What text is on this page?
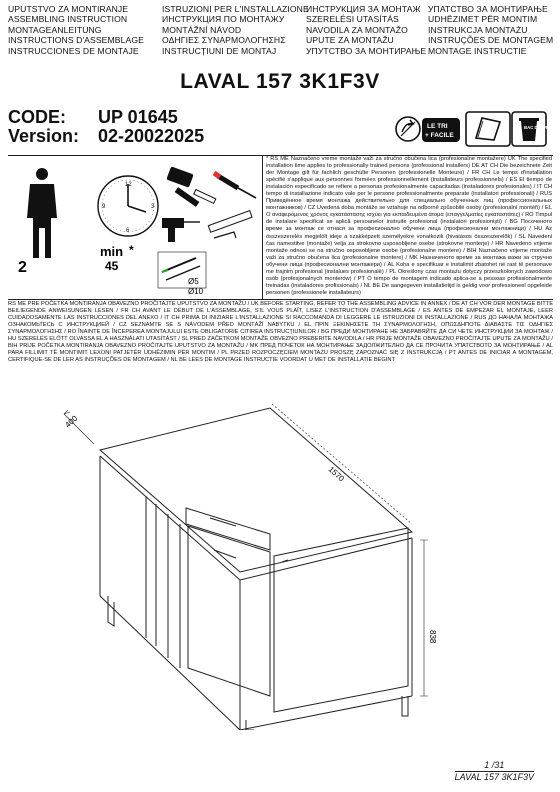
UPUTSTVO ZA MONTIRANJE
ASSEMBLING INSTRUCTION
MONTAGEANLEITUNG
INSTRUCTIONS D'ASSEMBLAGE
INSTRUCCIONES DE MONTAJE
ISTRUZIONI PER L'INSTALLAZIONE
ИНСТРУКЦИЯ ПО МОНТАЖУ
MONTÁŽNÍ NÁVOD
ΟΔΗΓΙΕΣ ΣΥΝΑΡΜΟΛΟΓΗΣΗΣ
INSTRUCȚIUNI DE MONTAJ
ИНСТРУКЦИЯ ЗА МОНТАЖ
SZERELÉSI UTASÍTÁS
NAVODILA ZA MONTAŽO
UPUTE ZA MONTAŽU
УПУТСТВО ЗА МОНТИРАЊЕ
УПАТСТВО ЗА МОНТИРАЊЕ
UDHËZIMET PËR MONTIM
INSTRUKCJA MONTAŻU
INSTRUÇÕES DE MONTAGEM
MONTAGE INSTRUCTIE
LAVAL 157 3K1F3V
CODE:	UP 01645
Version:	02-20022025	LE TRI
+ FACILE
BAC DE TRI
2
12
3
6
9
min *
45
Ø5
Ø10
* RS ME Naznačeno vreme montaže važi za stručno obučena lica (profesionalne montažere) UK The specified installation time applies to professionally trained persons (professional installers) DE AT CH Die bezeichnete Zeit der Montage gilt für fachlich geschulte Personen (professionelle Monteure) / FR CH Le temps d'installation spécifié s'applique aux personnes formées professionnellement (installateurs professionnels) / ES El tiempo de instalación especificado se refiere a personas profesionalmente capacitadas (instaladores profesionales) / IT CH tempo di installazione indicato vale per le persone professionalmente preparate (installatori professionali) / RUS Приведённое время монтажа действительно для специально обученных лиц (профессиональных монтажников) / CZ Uvedená doba montáže se vztahuje na odborně způsobilé osoby (profesionální montéři) / EL Ο αναφερόμενος χρόνος εγκατάστασης ισχύει για εκπαιδευμένα άτομα (επαγγελματίες εγκαταστάτες) / RO Timpul de instalare specificat se aplică persoanelor instruite profesional (instalatori profesioniști) / BG Посоченото време за монтаж се отнася за професионално обучени лица (професионални монтажници) / HU Az összeszerelés megjelölt ideje a szakképzett személyekre vonatkozik (hivatásos összeszerelők) / SL Navedeni čas namestitve (montaže) velja za strokovno usposobljene osebe (strokovne monterje) / HR Navedeno vrijeme montaže odnosi se na stručno osposobljene osobe (profesionalne montere) / BIH Naznačeno vrijeme montaže važi za stručno obučena lica (profesionalne montere) / MK Назначеното време за монтажа важи за стручно обучени лица (професионални монтажери) / AL Koha e specifikuar e instalimit zbatohet në rast të personave me trajnim profesional (instalues profesionalë) / PL Określony czas montażu dotyczy przeszkolonych zawodowo osób (profesjonalnych monterów) / PT O tempo de montagem indicado aplica-se a pessoas profissionalmente treinadas (instaladores profissionais) / NL BE De aangegeven installatietijd is geldig voor professioneel opgeleide personen (professionele installateurs)
RS ME PRE POČETKA MONTIRANJA OBAVEZNO PROČITAJTE UPUTSTVO ZA MONTAŽU / UK BEFORE STARTING, REFER TO THE ASSEMBLING ADVICE IN ANNEX / DE AT CH VOR DER MONTAGE BITTE BEILIEGENDE ANWEISUNGEN LESEN / FR CH AVANT LE DÉBUT DE L'ASSEMBLAGE, S'IL VOUS PLAÎT, LISEZ L'INSTRUCTION D'ASSEMBLAGE / ES ANTES DE EMPEZAR EL MONTAJE, LEER CUIDADOSAMENTE LAS INSTRUCCIONES DEL ANEXO / IT CH PRIMA DI INIZIARE L'INSTALLAZIONE SI RACCOMANDA DI LEGGERE LE ISTRUZIONI DI INSTALLAZIONE / RUS ДО НАЧАЛА МОНТАЖА ОЗНАКОМЬТЕСЬ С ИНСТРУКЦИЕЙ / CZ SEZNAMTE SE S NÁVODEM PŘED MONTÁŽÍ NÁBYTKU / EL ΠΡΙΝ ΞΕΚΙΝΗΣΕΤΕ ΤΗ ΣΥΝΑΡΜΟΛΟΓΗΣΗ, ΟΠΩΣΔΗΠΟΤΕ ΔΙΑΒΑΣΤΕ ΤΙΣ ΟΔΗΓΙΕΣ ΣΥΝΑΡΜΟΛΟΓΗΣΗΣ / RO ÎNAINTE DE ÎNCEPEREA MONTAJULUI ESTE OBLIGATORIE CITIREA INSTRUCȚIUNILOR / BG ПРЕДИ МОНТИРАНЕ НЕ ЗАБРАВЯЙТЕ ДА СИ ЧЕТЕ ИНСТРУКЦИИ ЗА МОНТАЖ / HU SZERELÉS ELŐTT OLVASSA EL A HASZNÁLATI UTASÍTÁST / SL PRED ZAČETKOM MONTAŽE OBVEZNO PREBERITE NAVODILA / HR PRIJE MONTAŽE OBAVEZNO PROČITAJTE UPUTE ZA MONTAŽU / BIH PRIJE POČETKA MONTIRANJA OBAVEZNO PROČITAJTE UPUTSTVO ZA MONTAŽU / MK ПРЕД ПОЧЕТОК НА МОНТИРАЊЕ ЗАДОЛЖИТЕЛНО ДА СЕ ПРОЧИТА УПАТСТВОТО ЗА МОНТИРАЊЕ / AL PARA FILLIMIT TË MONTIMIT LEXONI PATJETËR UDHËZIMIN PËR MONTIM / PL PRZED ROZPOCZĘCIEM MONTAŻU PROSZĘ ZAPOZNAĆ SIĘ Z INSTRUKCJĄ / PT ANTES DE INICIAR A MONTAGEM, CERTIFIQUE-SE DE LER AS INSTRUÇÕES DE MONTAGEM / NL BE LEES DE MONTAGE INSTRUCTIE VOORDAT U MET DE INSTALLATIE BEGINT
400
1570
838
1 /31
LAVAL 157 3K1F3V
